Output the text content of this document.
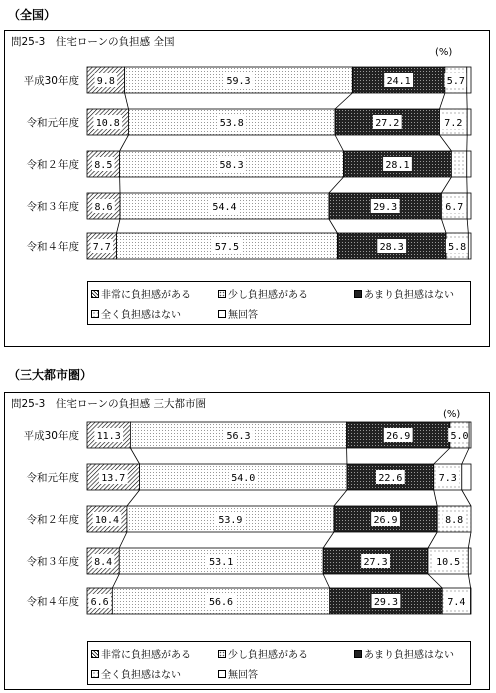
（全国）
問25-3　住宅ローンの負担感 全国
(%)
平成30年度 9.8	59.3	24.1	5.7
令和元年度 10.8	53.8	27.2	7.2
令和２年度 8.5	58.3	28.1
令和３年度 8.6	54.4	29.3	6.7
令和４年度 7.7	57.5	28.3	5.8
非常に負担感がある	少し負担感がある	あまり負担感はない
全く負担感はない	無回答
（三大都市圏）
問25-3　住宅ローンの負担感 三大都市圏
(%)
平成30年度 11.3	56.3	26.9	5.0
令和元年度 13.7	54.0	22.6	7.3
令和２年度 10.4	53.9	26.9	8.8
令和３年度 8.4	53.1	27.3	10.5
令和４年度 6.6	56.6	29.3	7.4
非常に負担感がある	少し負担感がある	あまり負担感はない
全く負担感はない	無回答
